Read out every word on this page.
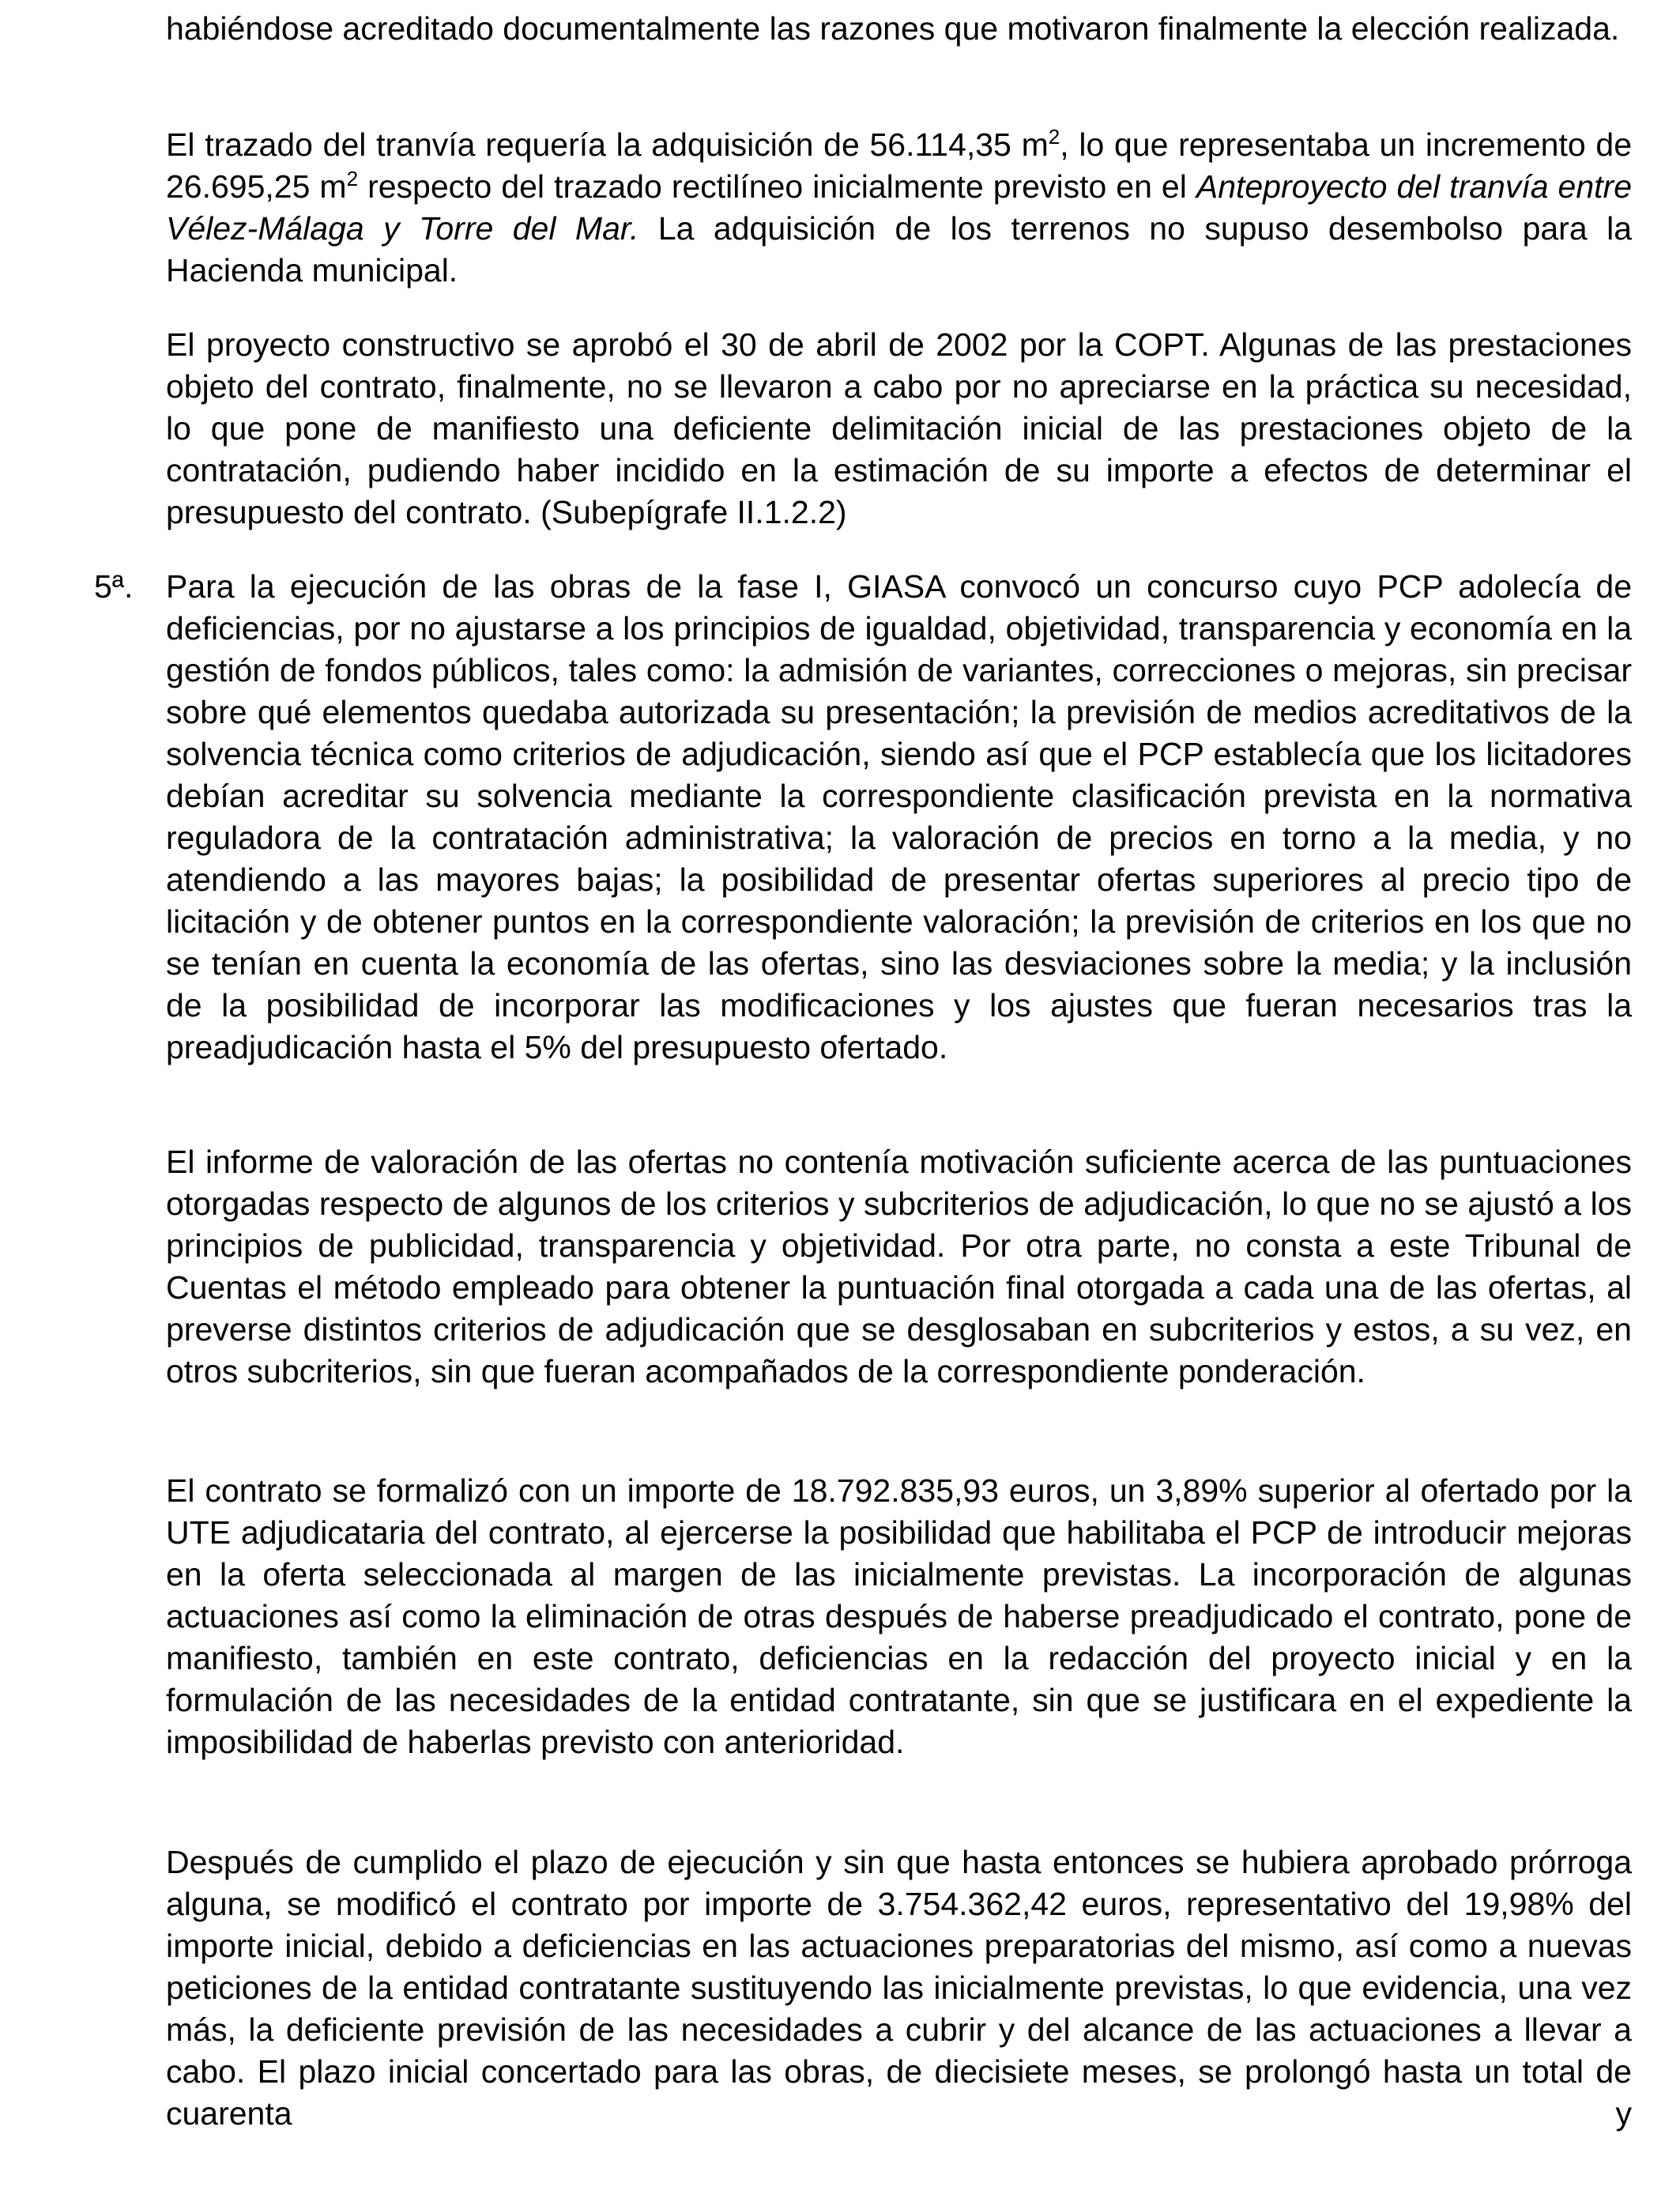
habiéndose acreditado documentalmente las razones que motivaron finalmente la elección realizada.

El trazado del tranvía requería la adquisición de 56.114,35 $m^2$, lo que representaba un incremento de 26.695,25 $m^2$ respecto del trazado rectilíneo inicialmente previsto en el Anteproyecto del tranvía entre Vélez-Málaga y Torre del Mar. La adquisición de los terrenos no supuso desembolso para la Hacienda municipal.

El proyecto constructivo se aprobó el 30 de abril de 2002 por la COPT. Algunas de las prestaciones objeto del contrato, finalmente, no se llevaron a cabo por no apreciarse en la práctica su necesidad, lo que pone de manifiesto una deficiente delimitación inicial de las prestaciones objeto de la contratación, pudiendo haber incidido en la estimación de su importe a efectos de determinar el presupuesto del contrato. (Subepígrafe II.1.2.2)

5ª. Para la ejecución de las obras de la fase I, GIASA convocó un concurso cuyo PCP adolecía de deficiencias, por no ajustarse a los principios de igualdad, objetividad, transparencia y economía en la gestión de fondos públicos, tales como: la admisión de variantes, correcciones o mejoras, sin precisar sobre qué elementos quedaba autorizada su presentación; la previsión de medios acreditativos de la solvencia técnica como criterios de adjudicación, siendo así que el PCP establecía que los licitadores debían acreditar su solvencia mediante la correspondiente clasificación prevista en la normativa reguladora de la contratación administrativa; la valoración de precios en torno a la media, y no atendiendo a las mayores bajas; la posibilidad de presentar ofertas superiores al precio tipo de licitación y de obtener puntos en la correspondiente valoración; la previsión de criterios en los que no se tenían en cuenta la economía de las ofertas, sino las desviaciones sobre la media; y la inclusión de la posibilidad de incorporar las modificaciones y los ajustes que fueran necesarios tras la preadjudicación hasta el 5% del presupuesto ofertado.

El informe de valoración de las ofertas no contenía motivación suficiente acerca de las puntuaciones otorgadas respecto de algunos de los criterios y subcriterios de adjudicación, lo que no se ajustó a los principios de publicidad, transparencia y objetividad. Por otra parte, no consta a este Tribunal de Cuentas el método empleado para obtener la puntuación final otorgada a cada una de las ofertas, al preverse distintos criterios de adjudicación que se desglosaban en subcriterios y estos, a su vez, en otros subcriterios, sin que fueran acompañados de la correspondiente ponderación.

El contrato se formalizó con un importe de 18.792.835,93 euros, un 3,89% superior al ofertado por la UTE adjudicataria del contrato, al ejercerse la posibilidad que habilitaba el PCP de introducir mejoras en la oferta seleccionada al margen de las inicialmente previstas. La incorporación de algunas actuaciones así como la eliminación de otras después de haberse preadjudicado el contrato, pone de manifiesto, también en este contrato, deficiencias en la redacción del proyecto inicial y en la formulación de las necesidades de la entidad contratante, sin que se justificara en el expediente la imposibilidad de haberlas previsto con anterioridad.

Después de cumplido el plazo de ejecución y sin que hasta entonces se hubiera aprobado prórroga alguna, se modificó el contrato por importe de 3.754.362,42 euros, representativo del 19,98% del importe inicial, debido a deficiencias en las actuaciones preparatorias del mismo, así como a nuevas peticiones de la entidad contratante sustituyendo las inicialmente previstas, lo que evidencia, una vez más, la deficiente previsión de las necesidades a cubrir y del alcance de las actuaciones a llevar a cabo. El plazo inicial concertado para las obras, de diecisiete meses, se prolongó hasta un total de cuarenta y
